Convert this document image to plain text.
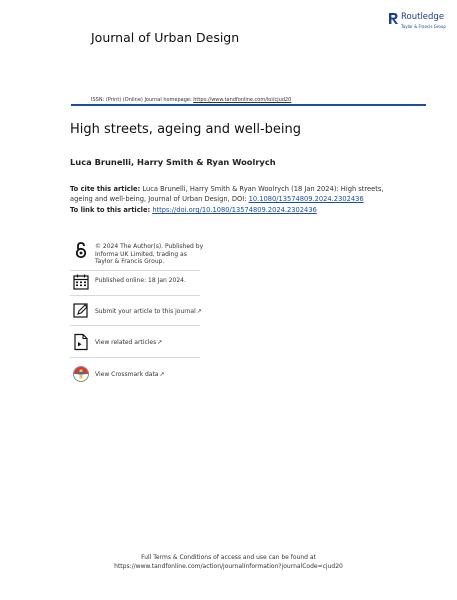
Journal of Urban Design
Routledge
Taylor & Francis Group
ISSN: (Print) (Online) Journal homepage: https://www.tandfonline.com/loi/cjud20
High streets, ageing and well-being
Luca Brunelli, Harry Smith & Ryan Woolrych
To cite this article: Luca Brunelli, Harry Smith & Ryan Woolrych (18 Jan 2024): High streets, ageing and well-being, Journal of Urban Design, DOI: 10.1080/13574809.2024.2302436
To link to this article: https://doi.org/10.1080/13574809.2024.2302436
© 2024 The Author(s). Published by Informa UK Limited, trading as Taylor & Francis Group.
Published online: 18 Jan 2024.
Submit your article to this journal↗
View related articles↗
View Crossmark data↗
Full Terms & Conditions of access and use can be found at
https://www.tandfonline.com/action/journalInformation?journalCode=cjud20
